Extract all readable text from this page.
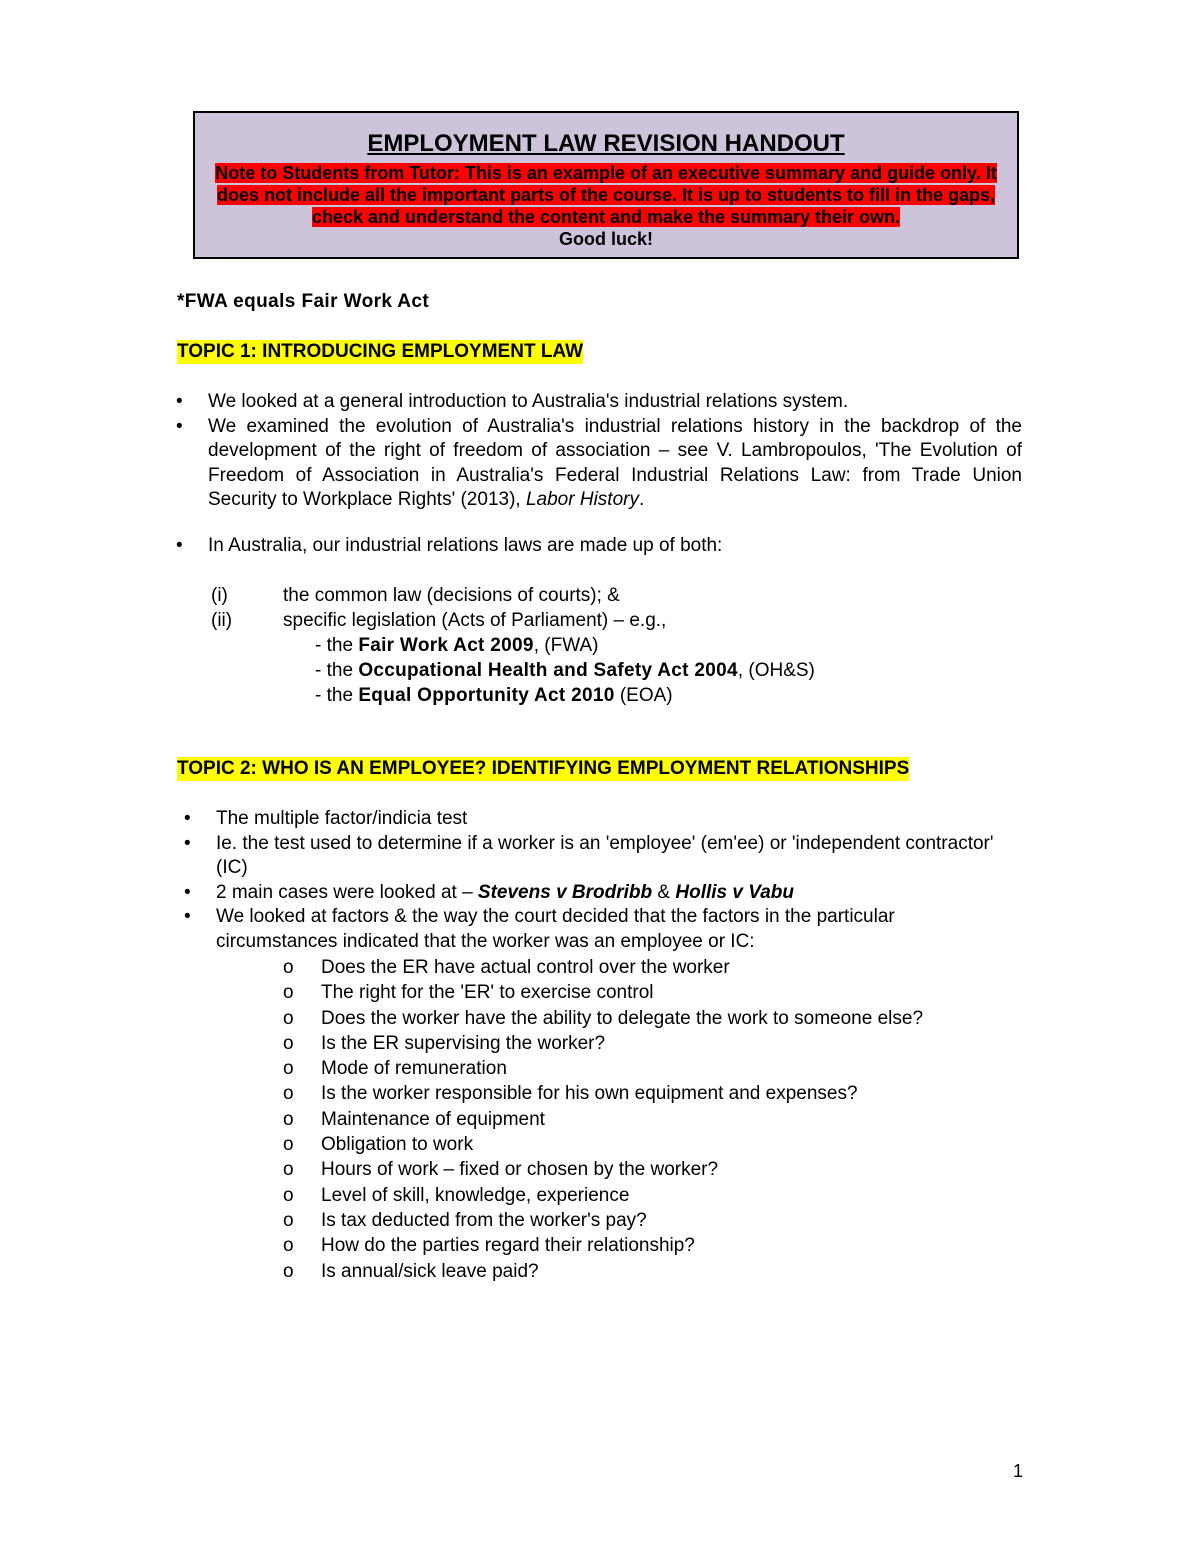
EMPLOYMENT LAW REVISION HANDOUT
Note to Students from Tutor: This is an example of an executive summary and guide only. It does not include all the important parts of the course. It is up to students to fill in the gaps, check and understand the content and make the summary their own.
Good luck!
*FWA equals Fair Work Act
TOPIC 1: INTRODUCING EMPLOYMENT LAW
• We looked at a general introduction to Australia's industrial relations system.
• We examined the evolution of Australia's industrial relations history in the backdrop of the development of the right of freedom of association – see V. Lambropoulos, 'The Evolution of Freedom of Association in Australia's Federal Industrial Relations Law: from Trade Union Security to Workplace Rights' (2013), Labor History.
• In Australia, our industrial relations laws are made up of both:
(i)	the common law (decisions of courts); &
(ii)	specific legislation (Acts of Parliament) – e.g.,
- the Fair Work Act 2009, (FWA)
- the Occupational Health and Safety Act 2004, (OH&S)
- the Equal Opportunity Act 2010 (EOA)
TOPIC 2: WHO IS AN EMPLOYEE? IDENTIFYING EMPLOYMENT RELATIONSHIPS
• The multiple factor/indicia test
• Ie. the test used to determine if a worker is an 'employee' (em'ee) or 'independent contractor' (IC)
• 2 main cases were looked at – Stevens v Brodribb & Hollis v Vabu
• We looked at factors & the way the court decided that the factors in the particular circumstances indicated that the worker was an employee or IC:
o Does the ER have actual control over the worker
o The right for the 'ER' to exercise control
o Does the worker have the ability to delegate the work to someone else?
o Is the ER supervising the worker?
o Mode of remuneration
o Is the worker responsible for his own equipment and expenses?
o Maintenance of equipment
o Obligation to work
o Hours of work – fixed or chosen by the worker?
o Level of skill, knowledge, experience
o Is tax deducted from the worker's pay?
o How do the parties regard their relationship?
o Is annual/sick leave paid?
1
